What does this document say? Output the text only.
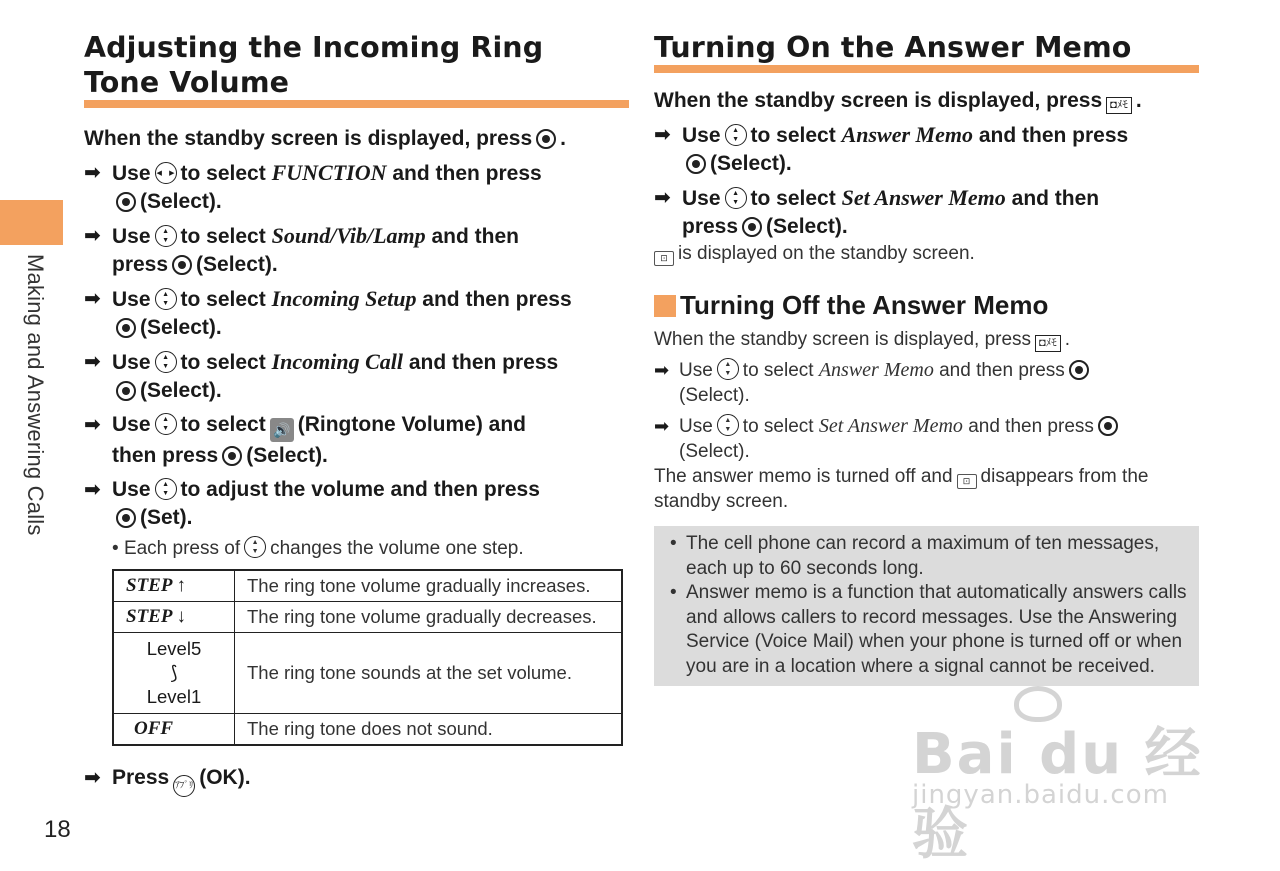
Making and Answering Calls
18
Adjusting the Incoming Ring
Tone Volume
When the standby screen is displayed, press .
➡ Use ◀ ▶ to select FUNCTION and then press
(Select).
➡ Use ▲ ▼ to select Sound/Vib/Lamp and then
press (Select).
➡ Use ▲ ▼ to select Incoming Setup and then press
(Select).
➡ Use ▲ ▼ to select Incoming Call and then press
(Select).
➡ Use ▲ ▼ to select 🔊 (Ringtone Volume) and
then press (Select).
➡ Use ▲ ▼ to adjust the volume and then press
(Set).
• Each press of ▲ ▼ changes the volume one step.
STEP ↑	The ring tone volume gradually increases.
STEP ↓	The ring tone volume gradually decreases.

Level5
⟆
Level1	The ring tone sounds at the set volume.
OFF	The ring tone does not sound.
➡ Press ｱﾌﾟﾘ (OK).
Turning On the Answer Memo
When the standby screen is displayed, press ◘ﾒﾓ .
➡ Use ▲ ▼ to select Answer Memo and then press
(Select).
➡ Use ▲ ▼ to select Set Answer Memo and then
press (Select).
⊡ is displayed on the standby screen.
Turning Off the Answer Memo
When the standby screen is displayed, press ◘ﾒﾓ .
➡ Use ▲ ▼ to select Answer Memo and then press
(Select).
➡ Use ▲ ▼ to select Set Answer Memo and then press
(Select).
The answer memo is turned off and ⊡ disappears from the
standby screen.
• The cell phone can record a maximum of ten messages, each up to 60 seconds long.
• Answer memo is a function that automatically answers calls and allows callers to record messages. Use the Answering Service (Voice Mail) when your phone is turned off or when you are in a location where a signal cannot be received.
Bai du 经验
jingyan.baidu.com
